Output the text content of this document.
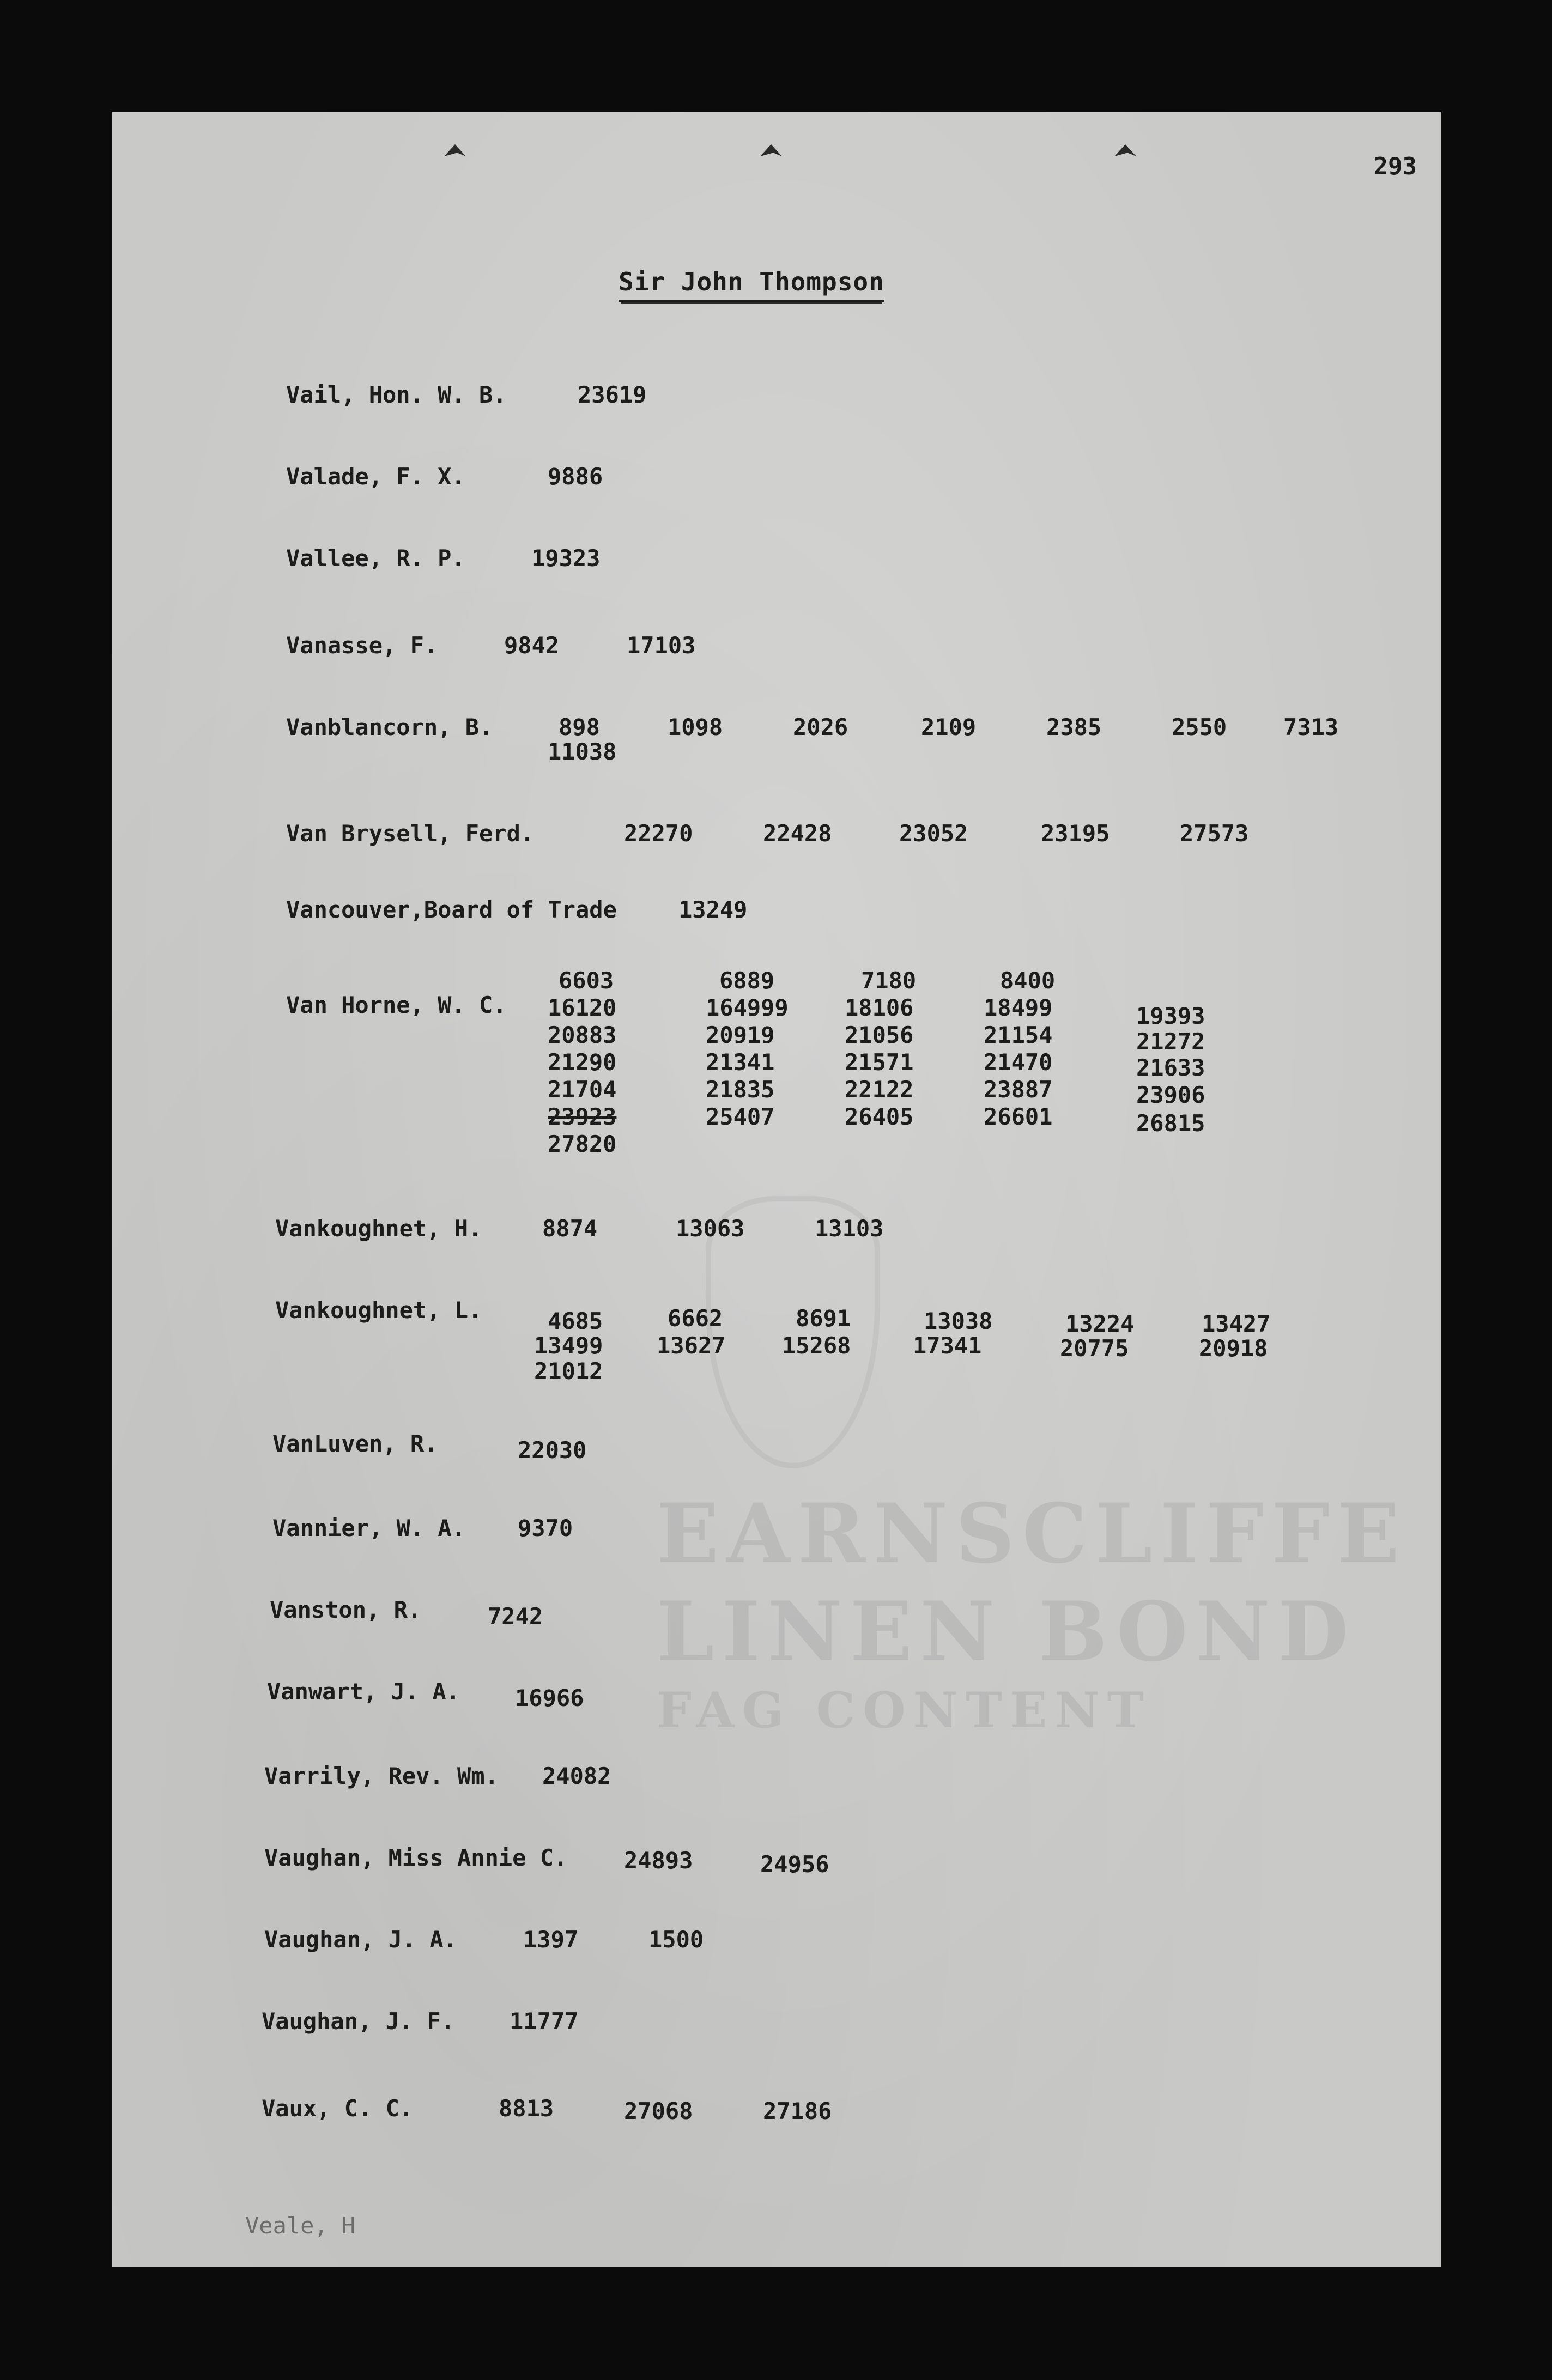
293
Sir John Thompson
EARNSCLIFFE
LINEN BOND
FAG CONTENT
Vail, Hon. W. B.	23619
Valade, F. X.	9886
Vallee, R. P.	19323
Vanasse, F.	9842	17103
Vanblancorn, B.	898	1098	2026	2109	2385	2550 7313
11038
Van Brysell, Ferd.	22270	22428	23052	23195	27573
Vancouver,Board of Trade	13249
Van Horne, W. C.
6603	6889	7180	8400
16120	164999 18106	18499	19393
20883	20919	21056	21154	21272
21290	21341	21571	21470	21633
21704	21835	22122	23887	23906
23923	25407	26405	26601	26815
27820
Vankoughnet, H.	8874	13063	13103
Vankoughnet, L.	4685	6662	8691	13038	13224	13427
13499 13627 15268	17341	20775	20918
21012
VanLuven, R.	22030
Vannier, W. A. 9370
Vanston, R.	7242
Vanwart, J. A. 16966
Varrily, Rev. Wm. 24082
Vaughan, Miss Annie C. 24893	24956
Vaughan, J. A.	1397	1500
Vaughan, J. F. 11777
Vaux, C. C.	8813	27068	27186
Veale, H
